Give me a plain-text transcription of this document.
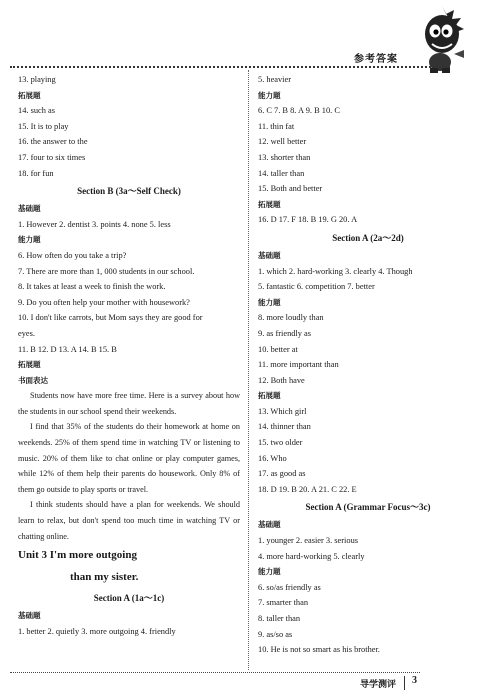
参考答案
13. playing
拓展题
14. such as
15. It is to play
16. the answer to the
17. four to six times
18. for fun
Section B (3a～Self Check)
基础题
1. However 2. dentist 3. points 4. none 5. less
能力题
6. How often do you take a trip?
7. There are more than 1, 000 students in our school.
8. It takes at least a week to finish the work.
9. Do you often help your mother with housework?
10. I don't like carrots, but Mom says they are good for
eyes.
11. B 12. D 13. A 14. B 15. B
拓展题
书面表达
Students now have more free time. Here is a survey about how the students in our school spend their weekends.
I find that 35% of the students do their homework at home on weekends. 25% of them spend time in watching TV or listening to music. 20% of them like to chat online or play computer games, while 12% of them help their parents do housework. Only 8% of them go outside to play sports or travel.
I think students should have a plan for weekends. We should learn to relax, but don't spend too much time in watching TV or chatting online.
Unit 3 I'm more outgoing
than my sister.
Section A (1a～1c)
基础题
1. better 2. quietly 3. more outgoing 4. friendly
5. heavier
能力题
6. C 7. B 8. A 9. B 10. C
11. thin fat
12. well better
13. shorter than
14. taller than
15. Both and better
拓展题
16. D 17. F 18. B 19. G 20. A
Section A (2a～2d)
基础题
1. which 2. hard-working 3. clearly 4. Though
5. fantastic 6. competition 7. better
能力题
8. more loudly than
9. as friendly as
10. better at
11. more important than
12. Both have
拓展题
13. Which girl
14. thinner than
15. two older
16. Who
17. as good as
18. D 19. B 20. A 21. C 22. E
Section A (Grammar Focus～3c)
基础题
1. younger 2. easier 3. serious
4. more hard-working 5. clearly
能力题
6. so/as friendly as
7. smarter than
8. taller than
9. as/so as
10. He is not so smart as his brother.
导学测评 3
